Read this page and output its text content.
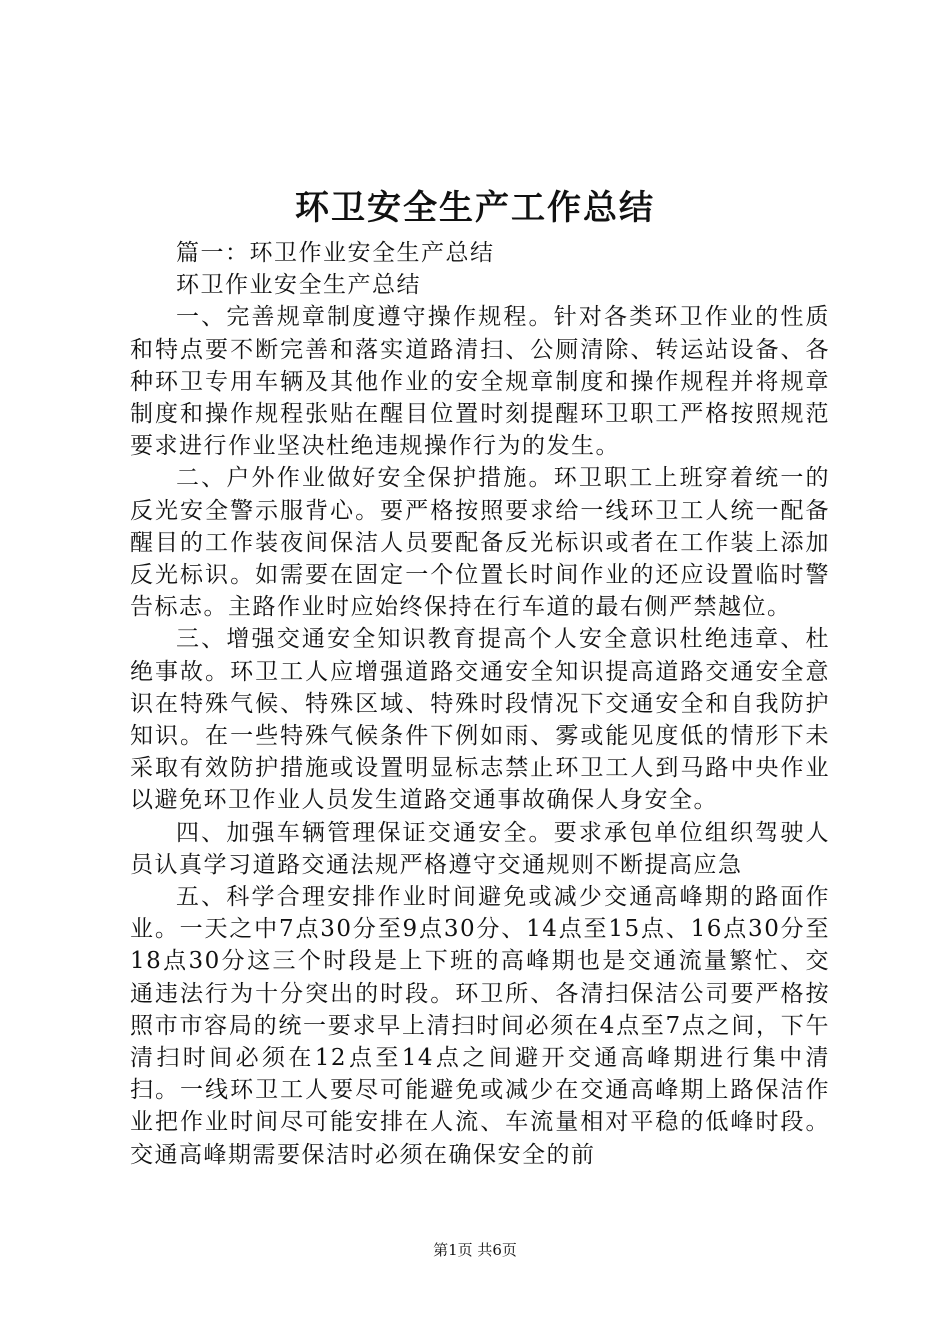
环卫安全生产工作总结

篇一：环卫作业安全生产总结

环卫作业安全生产总结

一、完善规章制度遵守操作规程。针对各类环卫作业的性质和特点要不断完善和落实道路清扫、公厕清除、转运站设备、各种环卫专用车辆及其他作业的安全规章制度和操作规程并将规章制度和操作规程张贴在醒目位置时刻提醒环卫职工严格按照规范要求进行作业坚决杜绝违规操作行为的发生。

二、户外作业做好安全保护措施。环卫职工上班穿着统一的反光安全警示服背心。要严格按照要求给一线环卫工人统一配备醒目的工作装夜间保洁人员要配备反光标识或者在工作装上添加反光标识。如需要在固定一个位置长时间作业的还应设置临时警告标志。主路作业时应始终保持在行车道的最右侧严禁越位。

三、增强交通安全知识教育提高个人安全意识杜绝违章、杜绝事故。环卫工人应增强道路交通安全知识提高道路交通安全意识在特殊气候、特殊区域、特殊时段情况下交通安全和自我防护知识。在一些特殊气候条件下例如雨、雾或能见度低的情形下未采取有效防护措施或设置明显标志禁止环卫工人到马路中央作业以避免环卫作业人员发生道路交通事故确保人身安全。

四、加强车辆管理保证交通安全。要求承包单位组织驾驶人员认真学习道路交通法规严格遵守交通规则不断提高应急

五、科学合理安排作业时间避免或减少交通高峰期的路面作业。一天之中7点30分至9点30分、14点至15点、16点30分至18点30分这三个时段是上下班的高峰期也是交通流量繁忙、交通违法行为十分突出的时段。环卫所、各清扫保洁公司要严格按照市市容局的统一要求早上清扫时间必须在4点至7点之间，下午清扫时间必须在12点至14点之间避开交通高峰期进行集中清扫。一线环卫工人要尽可能避免或减少在交通高峰期上路保洁作业把作业时间尽可能安排在人流、车流量相对平稳的低峰时段。交通高峰期需要保洁时必须在确保安全的前

第1页 共6页
